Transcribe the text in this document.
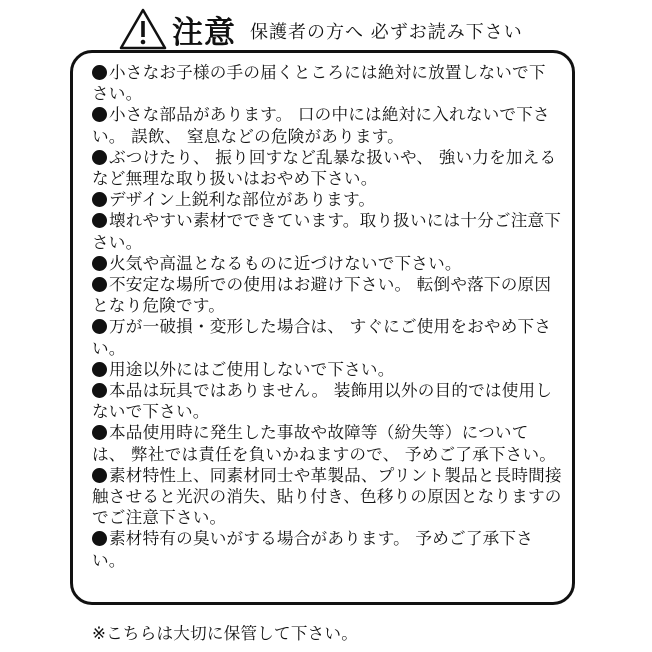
注意 保護者の方へ 必ずお読み下さい
小さなお子様の手の届くところには絶対に放置しないで下さい。
小さな部品があります。 口の中には絶対に入れないで下さい。 誤飲、 窒息などの危険があります。
ぶつけたり、 振り回すなど乱暴な扱いや、 強い力を加えるなど無理な取り扱いはおやめ下さい。
デザイン上鋭利な部位があります。
壊れやすい素材でできています。取り扱いには十分ご注意下さい。
火気や高温となるものに近づけないで下さい。
不安定な場所での使用はお避け下さい。 転倒や落下の原因となり危険です。
万が一破損・変形した場合は、 すぐにご使用をおやめ下さい。
用途以外にはご使用しないで下さい。
本品は玩具ではありません。 装飾用以外の目的では使用しないで下さい。
本品使用時に発生した事故や故障等（紛失等）については、 弊社では責任を負いかねますので、 予めご了承下さい。
素材特性上、同素材同士や革製品、プリント製品と長時間接触させると光沢の消失、貼り付き、色移りの原因となりますのでご注意下さい。
素材特有の臭いがする場合があります。 予めご了承下さい。
※こちらは大切に保管して下さい。
